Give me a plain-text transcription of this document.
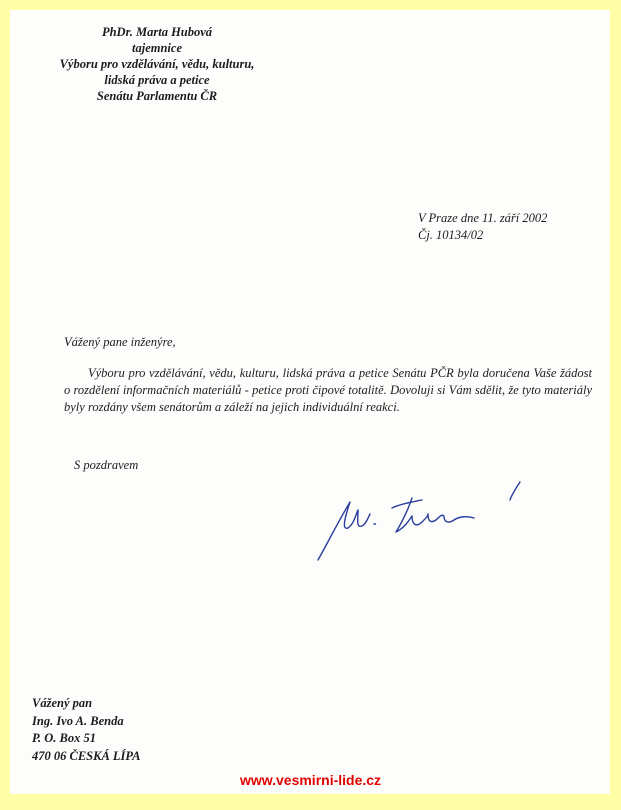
PhDr. Marta Hubová
tajemnice
Výboru pro vzdělávání, vědu, kulturu,
lidská práva a petice
Senátu Parlamentu ČR
V Praze dne 11. září 2002
Čj. 10134/02

Vážený pane inženýre,

Výboru pro vzdělávání, vědu, kulturu, lidská práva a petice Senátu PČR byla doručena Vaše žádost o rozdělení informačních materiálů - petice proti čipové totalitě. Dovoluji si Vám sdělit, že tyto materiály byly rozdány všem senátorům a záleží na jejich individuální reakci.

S pozdravem

Vážený pan
Ing. Ivo A. Benda
P. O. Box 51
470 06 ČESKÁ LÍPA
www.vesmirni-lide.cz
